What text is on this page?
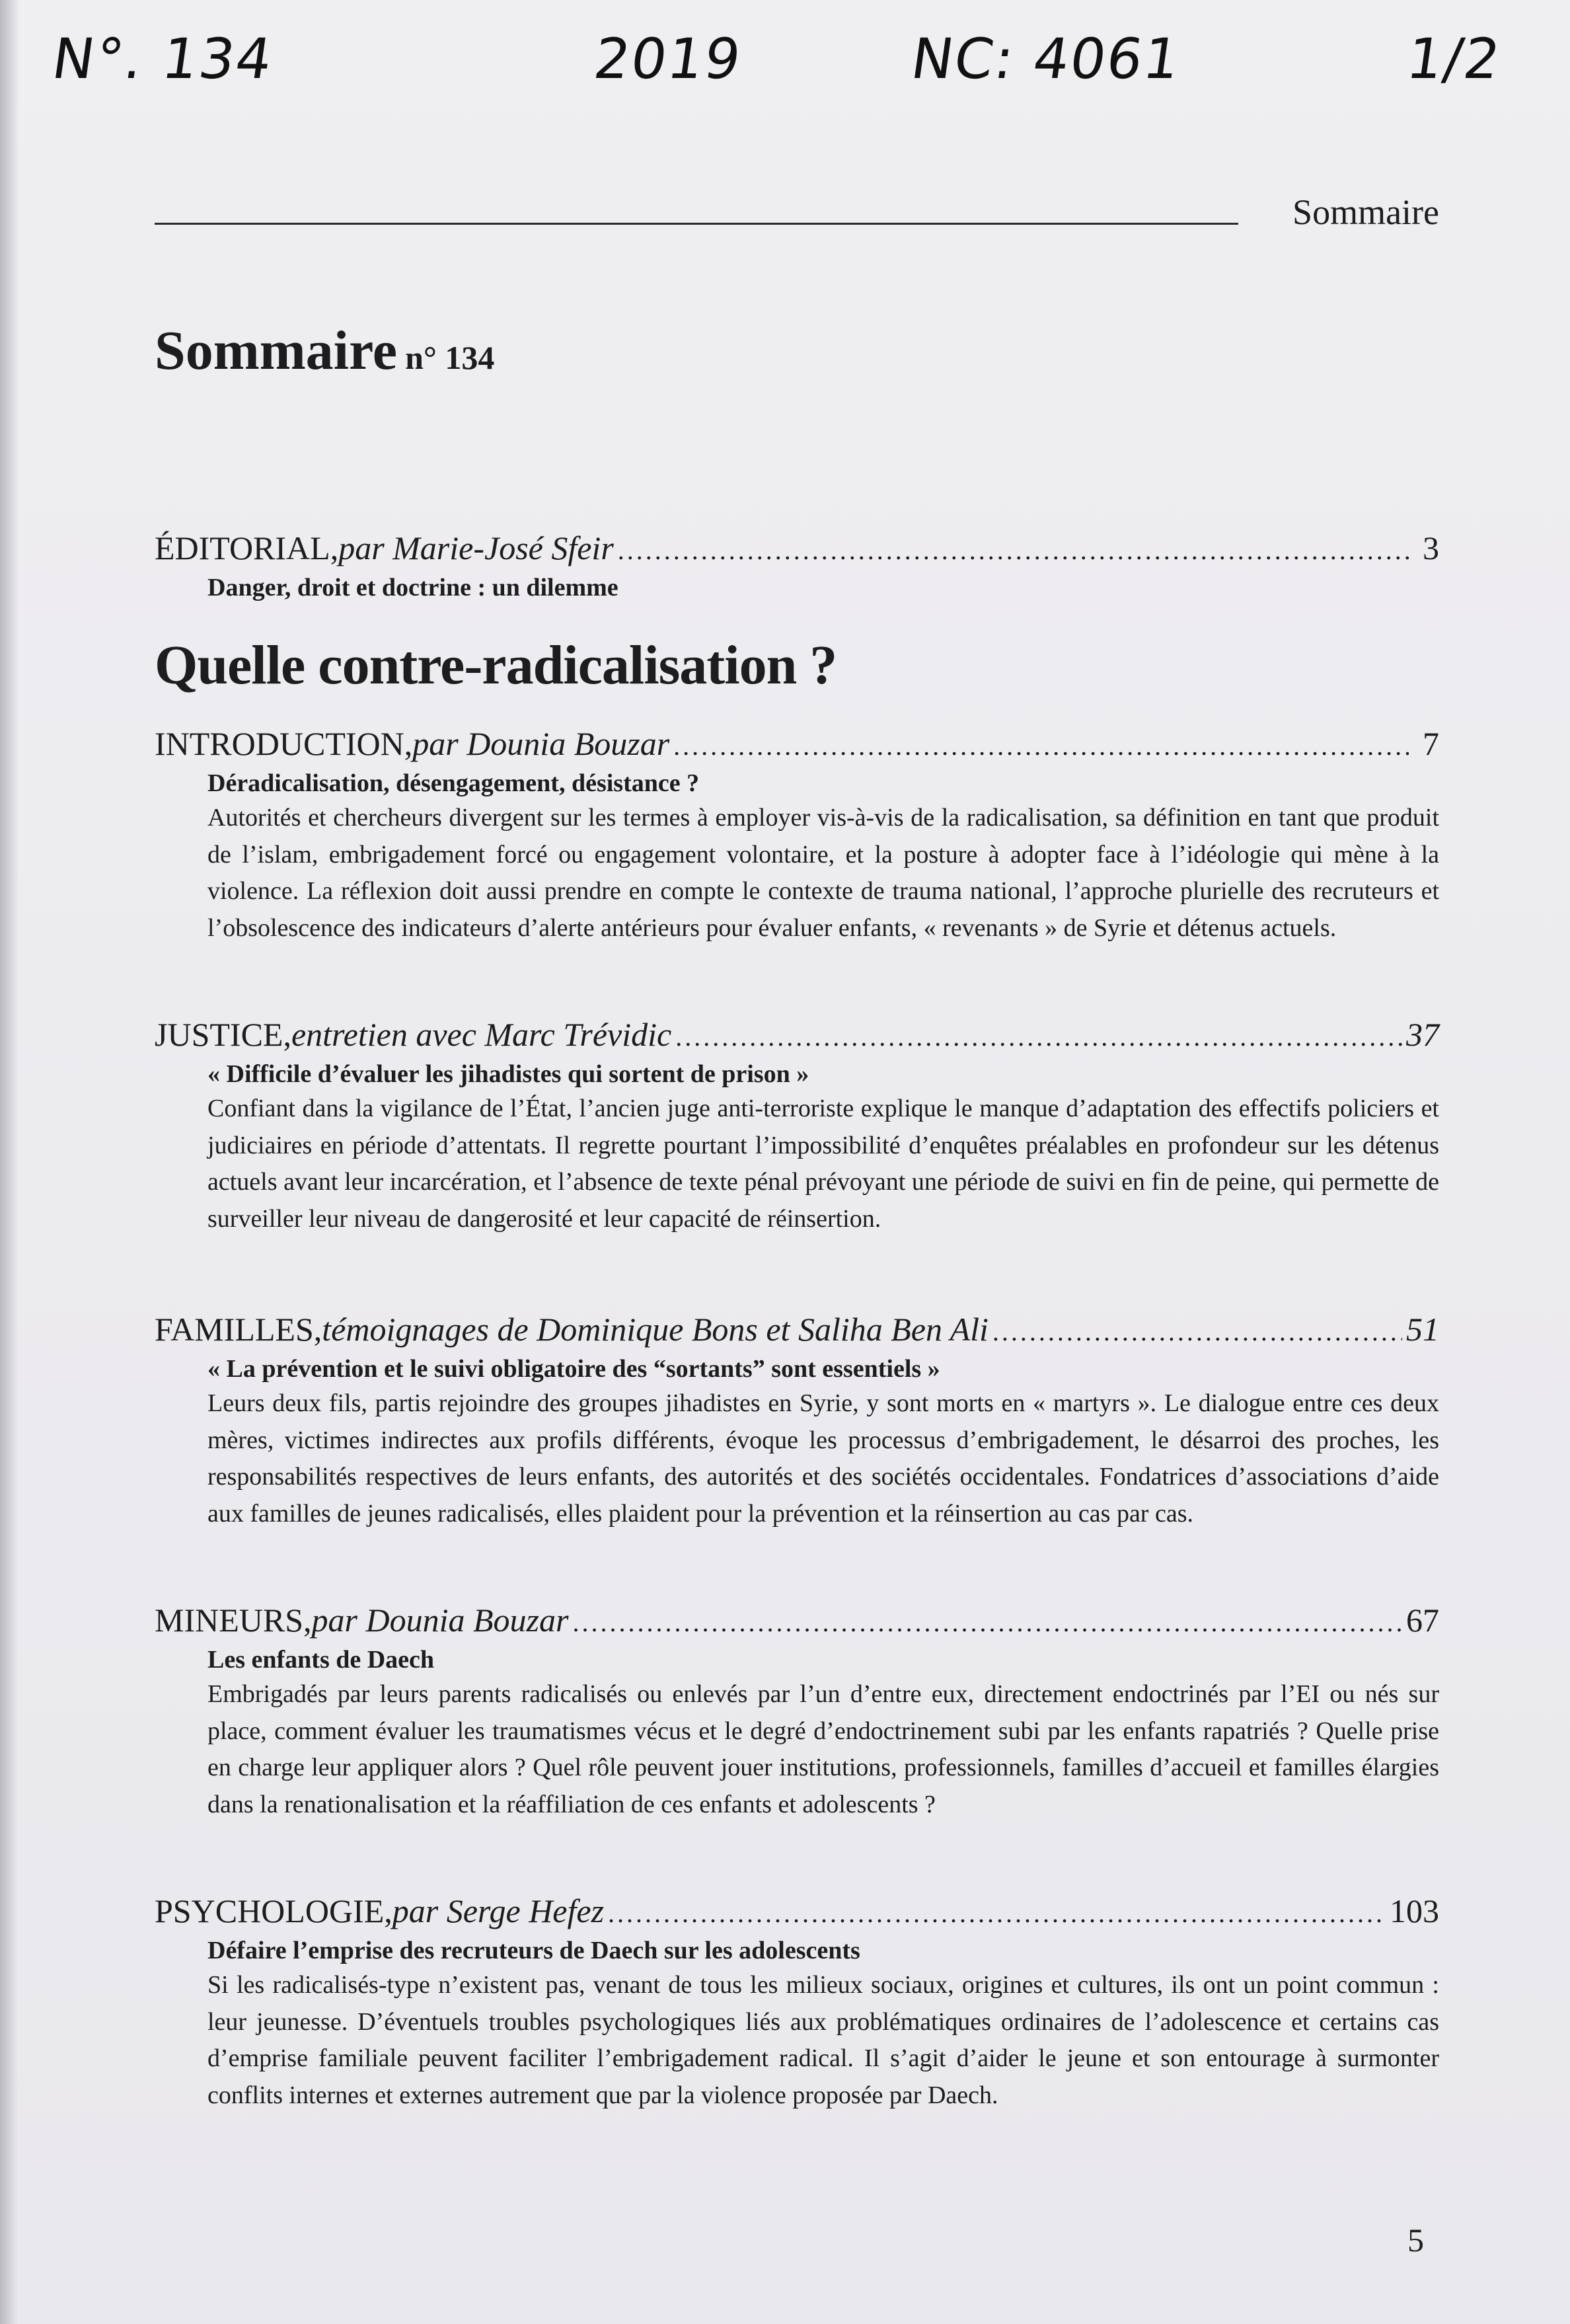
N°. 134	2019	NC: 4061	1/2
Sommaire
Sommaire n° 134
ÉDITORIAL, par Marie-José Sfeir .....	3
Danger, droit et doctrine : un dilemme
Quelle contre-radicalisation ?
INTRODUCTION, par Dounia Bouzar .....	7
Déradicalisation, désengagement, désistance ?
Autorités et chercheurs divergent sur les termes à employer vis-à-vis de la radicalisation, sa définition en tant que produit de l’islam, embrigadement forcé ou engagement volontaire, et la posture à adopter face à l’idéologie qui mène à la violence. La réflexion doit aussi prendre en compte le contexte de trauma national, l’approche plurielle des recruteurs et l’obsolescence des indicateurs d’alerte antérieurs pour évaluer enfants, « revenants » de Syrie et détenus actuels.
JUSTICE, entretien avec Marc Trévidic .....	37
« Difficile d’évaluer les jihadistes qui sortent de prison »
Confiant dans la vigilance de l’État, l’ancien juge anti-terroriste explique le manque d’adaptation des effectifs policiers et judiciaires en période d’attentats. Il regrette pourtant l’impossibilité d’enquêtes préalables en profondeur sur les détenus actuels avant leur incarcération, et l’absence de texte pénal prévoyant une période de suivi en fin de peine, qui permette de surveiller leur niveau de dangerosité et leur capacité de réinsertion.
FAMILLES, témoignages de Dominique Bons et Saliha Ben Ali .....	51
« La prévention et le suivi obligatoire des “sortants” sont essentiels »
Leurs deux fils, partis rejoindre des groupes jihadistes en Syrie, y sont morts en « martyrs ». Le dialogue entre ces deux mères, victimes indirectes aux profils différents, évoque les processus d’embrigadement, le désarroi des proches, les responsabilités respectives de leurs enfants, des autorités et des sociétés occidentales. Fondatrices d’associations d’aide aux familles de jeunes radicalisés, elles plaident pour la prévention et la réinsertion au cas par cas.
MINEURS, par Dounia Bouzar .....	67
Les enfants de Daech
Embrigadés par leurs parents radicalisés ou enlevés par l’un d’entre eux, directement endoctrinés par l’EI ou nés sur place, comment évaluer les traumatismes vécus et le degré d’endoctrinement subi par les enfants rapatriés ? Quelle prise en charge leur appliquer alors ? Quel rôle peuvent jouer institutions, professionnels, familles d’accueil et familles élargies dans la renationalisation et la réaffiliation de ces enfants et adolescents ?
PSYCHOLOGIE, par Serge Hefez .....	103
Défaire l’emprise des recruteurs de Daech sur les adolescents
Si les radicalisés-type n’existent pas, venant de tous les milieux sociaux, origines et cultures, ils ont un point commun : leur jeunesse. D’éventuels troubles psychologiques liés aux problématiques ordinaires de l’adolescence et certains cas d’emprise familiale peuvent faciliter l’embrigadement radical. Il s’agit d’aider le jeune et son entourage à surmonter conflits internes et externes autrement que par la violence proposée par Daech.
5
